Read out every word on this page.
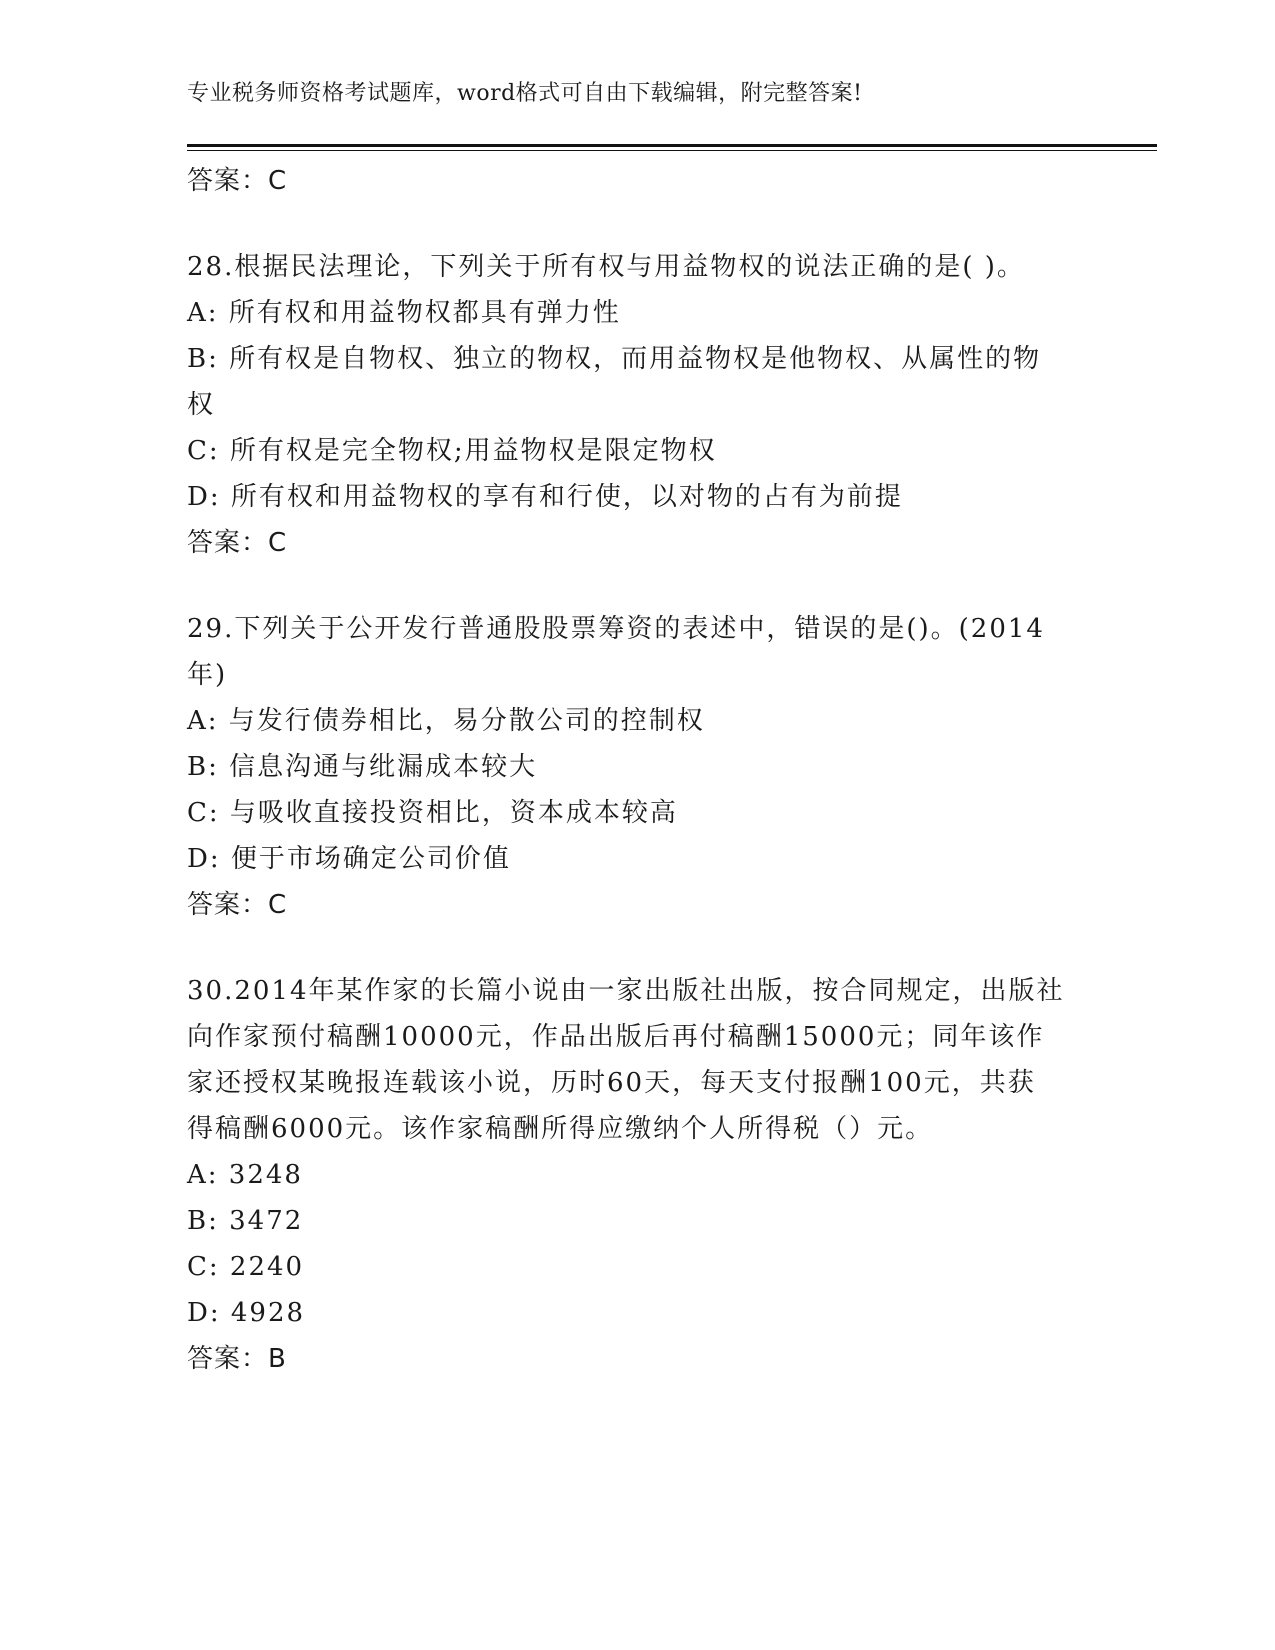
专业税务师资格考试题库，word格式可自由下载编辑，附完整答案!
答案：C
28.根据民法理论，下列关于所有权与用益物权的说法正确的是( )。
A: 所有权和用益物权都具有弹力性
B: 所有权是自物权、独立的物权，而用益物权是他物权、从属性的物
权
C: 所有权是完全物权;用益物权是限定物权
D: 所有权和用益物权的享有和行使，以对物的占有为前提
答案：C
29.下列关于公开发行普通股股票筹资的表述中，错误的是()。(2014
年)
A: 与发行债券相比，易分散公司的控制权
B: 信息沟通与纰漏成本较大
C: 与吸收直接投资相比，资本成本较高
D: 便于市场确定公司价值
答案：C
30.2014年某作家的长篇小说由一家出版社出版，按合同规定，出版社
向作家预付稿酬10000元，作品出版后再付稿酬15000元；同年该作
家还授权某晚报连载该小说，历时60天，每天支付报酬100元，共获
得稿酬6000元。该作家稿酬所得应缴纳个人所得税（）元。
A: 3248
B: 3472
C: 2240
D: 4928
答案：B
